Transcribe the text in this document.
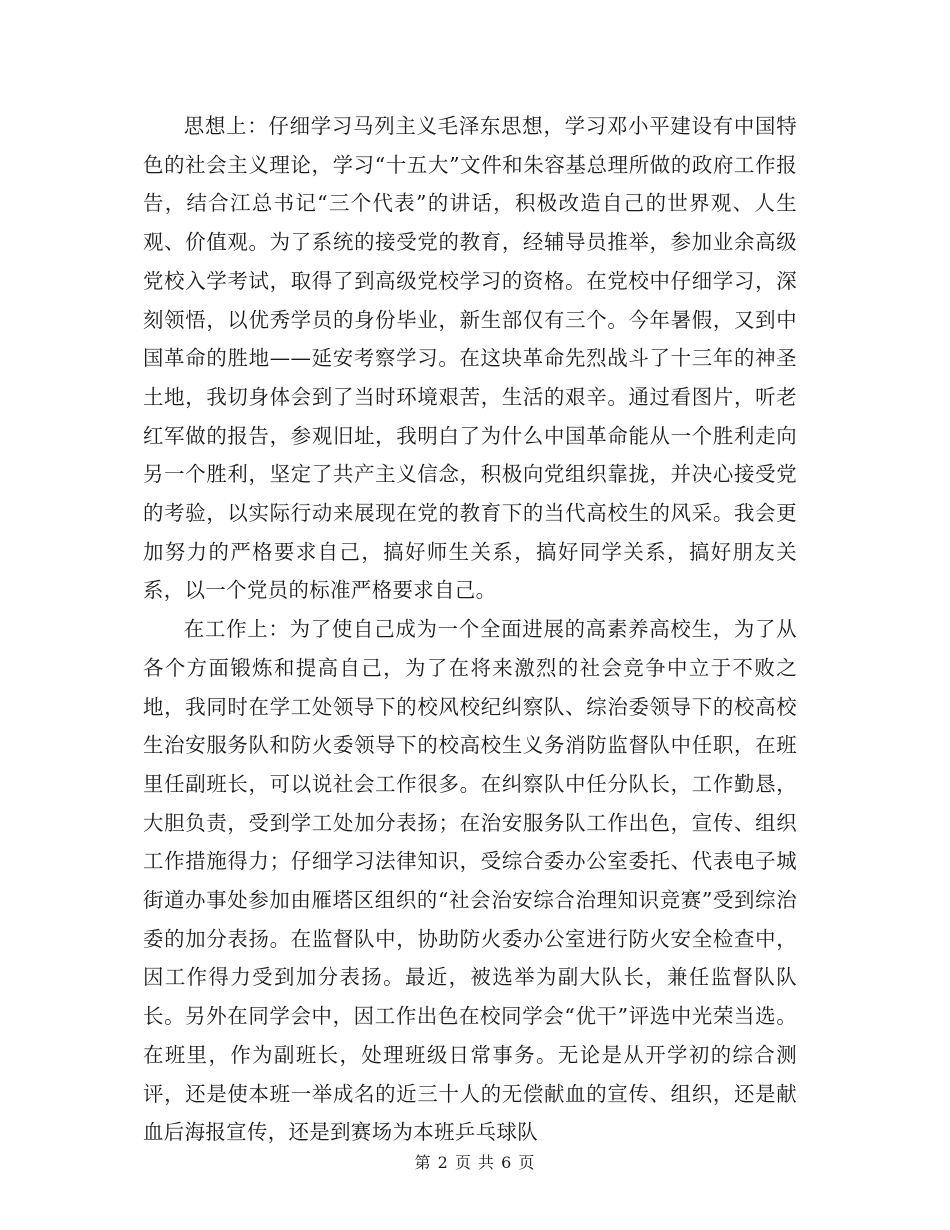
思想上：仔细学习马列主义毛泽东思想，学习邓小平建设有中国特色的社会主义理论，学习“十五大”文件和朱容基总理所做的政府工作报告，结合江总书记“三个代表”的讲话，积极改造自己的世界观、人生观、价值观。为了系统的接受党的教育，经辅导员推举，参加业余高级党校入学考试，取得了到高级党校学习的资格。在党校中仔细学习，深刻领悟，以优秀学员的身份毕业，新生部仅有三个。今年暑假，又到中国革命的胜地——延安考察学习。在这块革命先烈战斗了十三年的神圣土地，我切身体会到了当时环境艰苦，生活的艰辛。通过看图片，听老红军做的报告，参观旧址，我明白了为什么中国革命能从一个胜利走向另一个胜利，坚定了共产主义信念，积极向党组织靠拢，并决心接受党的考验，以实际行动来展现在党的教育下的当代高校生的风采。我会更加努力的严格要求自己，搞好师生关系，搞好同学关系，搞好朋友关系，以一个党员的标准严格要求自己。

在工作上：为了使自己成为一个全面进展的高素养高校生，为了从各个方面锻炼和提高自己，为了在将来激烈的社会竞争中立于不败之地，我同时在学工处领导下的校风校纪纠察队、综治委领导下的校高校生治安服务队和防火委领导下的校高校生义务消防监督队中任职，在班里任副班长，可以说社会工作很多。在纠察队中任分队长，工作勤恳，大胆负责，受到学工处加分表扬；在治安服务队工作出色，宣传、组织工作措施得力；仔细学习法律知识，受综合委办公室委托、代表电子城街道办事处参加由雁塔区组织的“社会治安综合治理知识竞赛”受到综治委的加分表扬。在监督队中，协助防火委办公室进行防火安全检查中，因工作得力受到加分表扬。最近，被选举为副大队长，兼任监督队队长。另外在同学会中，因工作出色在校同学会“优干”评选中光荣当选。在班里，作为副班长，处理班级日常事务。无论是从开学初的综合测评，还是使本班一举成名的近三十人的无偿献血的宣传、组织，还是献血后海报宣传，还是到赛场为本班乒乓球队

第 2 页 共 6 页
